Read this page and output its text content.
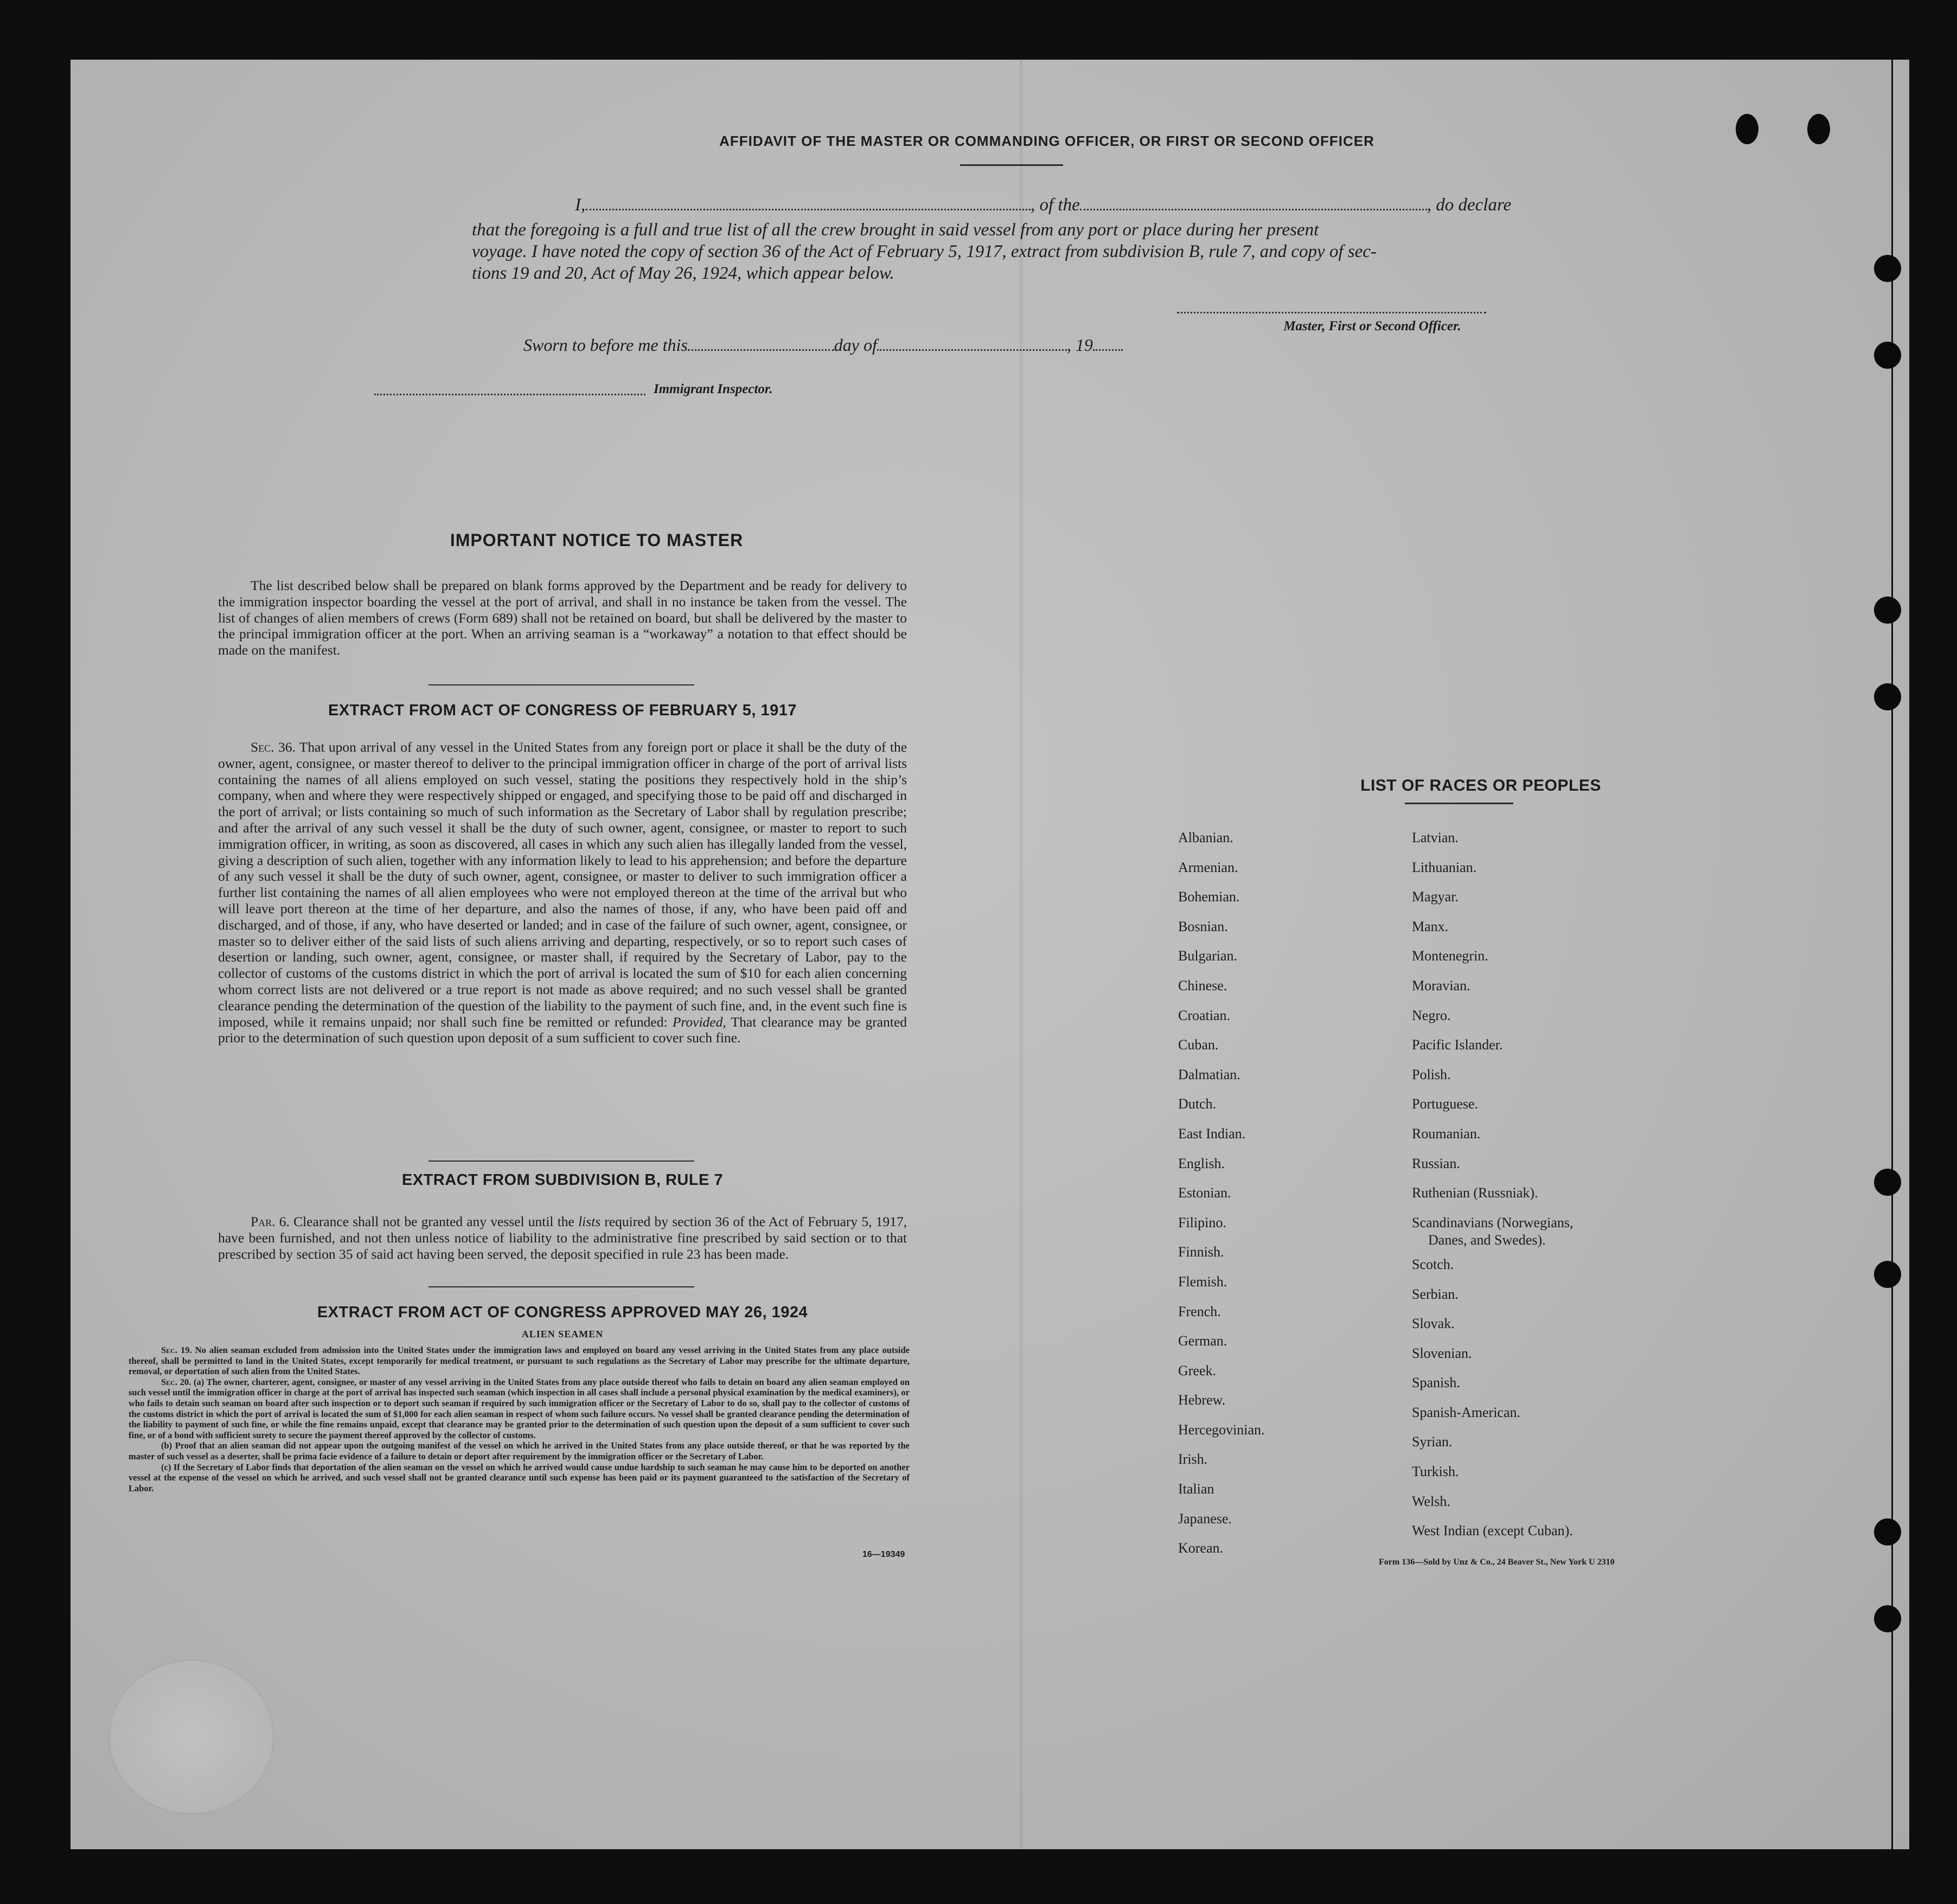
AFFIDAVIT OF THE MASTER OR COMMANDING OFFICER, OR FIRST OR SECOND OFFICER
I,	, of the	, do declare
that the foregoing is a full and true list of all the crew brought in said vessel from any port or place during her present
voyage. I have noted the copy of section 36 of the Act of February 5, 1917, extract from subdivision B, rule 7, and copy of sec-
tions 19 and 20, Act of May 26, 1924, which appear below.
Master, First or Second Officer.
Sworn to before me this	day of	, 19
Immigrant Inspector.
IMPORTANT NOTICE TO MASTER

The list described below shall be prepared on blank forms approved by the Department and be ready for delivery to the immigration inspector boarding the vessel at the port of arrival, and shall in no instance be taken from the vessel. The list of changes of alien members of crews (Form 689) shall not be retained on board, but shall be delivered by the master to the principal immigration officer at the port. When an arriving seaman is a “workaway” a notation to that effect should be made on the manifest.

EXTRACT FROM ACT OF CONGRESS OF FEBRUARY 5, 1917

Sec. 36. That upon arrival of any vessel in the United States from any foreign port or place it shall be the duty of the owner, agent, consignee, or master thereof to deliver to the principal immigration officer in charge of the port of arrival lists containing the names of all aliens employed on such vessel, stating the positions they respectively hold in the ship’s company, when and where they were respectively shipped or engaged, and specifying those to be paid off and discharged in the port of arrival; or lists containing so much of such information as the Secretary of Labor shall by regulation prescribe; and after the arrival of any such vessel it shall be the duty of such owner, agent, consignee, or master to report to such immigration officer, in writing, as soon as discovered, all cases in which any such alien has illegally landed from the vessel, giving a description of such alien, together with any information likely to lead to his apprehension; and before the departure of any such vessel it shall be the duty of such owner, agent, consignee, or master to deliver to such immigration officer a further list containing the names of all alien employees who were not employed thereon at the time of the arrival but who will leave port thereon at the time of her departure, and also the names of those, if any, who have been paid off and discharged, and of those, if any, who have deserted or landed; and in case of the failure of such owner, agent, consignee, or master so to deliver either of the said lists of such aliens arriving and departing, respectively, or so to report such cases of desertion or landing, such owner, agent, consignee, or master shall, if required by the Secretary of Labor, pay to the collector of customs of the customs district in which the port of arrival is located the sum of $10 for each alien concerning whom correct lists are not delivered or a true report is not made as above required; and no such vessel shall be granted clearance pending the determination of the question of the liability to the payment of such fine, and, in the event such fine is imposed, while it remains unpaid; nor shall such fine be remitted or refunded: Provided, That clearance may be granted prior to the determination of such question upon deposit of a sum sufficient to cover such fine.

EXTRACT FROM SUBDIVISION B, RULE 7

Par. 6. Clearance shall not be granted any vessel until the lists required by section 36 of the Act of February 5, 1917, have been furnished, and not then unless notice of liability to the administrative fine prescribed by said section or to that prescribed by section 35 of said act having been served, the deposit specified in rule 23 has been made.

EXTRACT FROM ACT OF CONGRESS APPROVED MAY 26, 1924
ALIEN SEAMEN

Sec. 19. No alien seaman excluded from admission into the United States under the immigration laws and employed on board any vessel arriving in the United States from any place outside thereof, shall be permitted to land in the United States, except temporarily for medical treatment, or pursuant to such regulations as the Secretary of Labor may prescribe for the ultimate departure, removal, or deportation of such alien from the United States.

Sec. 20. (a) The owner, charterer, agent, consignee, or master of any vessel arriving in the United States from any place outside thereof who fails to detain on board any alien seaman employed on such vessel until the immigration officer in charge at the port of arrival has inspected such seaman (which inspection in all cases shall include a personal physical examination by the medical examiners), or who fails to detain such seaman on board after such inspection or to deport such seaman if required by such immigration officer or the Secretary of Labor to do so, shall pay to the collector of customs of the customs district in which the port of arrival is located the sum of $1,000 for each alien seaman in respect of whom such failure occurs. No vessel shall be granted clearance pending the determination of the liability to payment of such fine, or while the fine remains unpaid, except that clearance may be granted prior to the determination of such question upon the deposit of a sum sufficient to cover such fine, or of a bond with sufficient surety to secure the payment thereof approved by the collector of customs.

(b) Proof that an alien seaman did not appear upon the outgoing manifest of the vessel on which he arrived in the United States from any place outside thereof, or that he was reported by the master of such vessel as a deserter, shall be prima facie evidence of a failure to detain or deport after requirement by the immigration officer or the Secretary of Labor.

(c) If the Secretary of Labor finds that deportation of the alien seaman on the vessel on which he arrived would cause undue hardship to such seaman he may cause him to be deported on another vessel at the expense of the vessel on which he arrived, and such vessel shall not be granted clearance until such expense has been paid or its payment guaranteed to the satisfaction of the Secretary of Labor.

16—19349
LIST OF RACES OR PEOPLES
Albanian.
Armenian.
Bohemian.
Bosnian.
Bulgarian.
Chinese.
Croatian.
Cuban.
Dalmatian.
Dutch.
East Indian.
English.
Estonian.
Filipino.
Finnish.
Flemish.
French.
German.
Greek.
Hebrew.
Hercegovinian.
Irish.
Italian
Japanese.
Korean.
Latvian.
Lithuanian.
Magyar.
Manx.
Montenegrin.
Moravian.
Negro.
Pacific Islander.
Polish.
Portuguese.
Roumanian.
Russian.
Ruthenian (Russniak).
Scandinavians (Norwegians,
Danes, and Swedes).
Scotch.
Serbian.
Slovak.
Slovenian.
Spanish.
Spanish-American.
Syrian.
Turkish.
Welsh.
West Indian (except Cuban).
Form 136—Sold by Unz & Co., 24 Beaver St., New York U 2310
